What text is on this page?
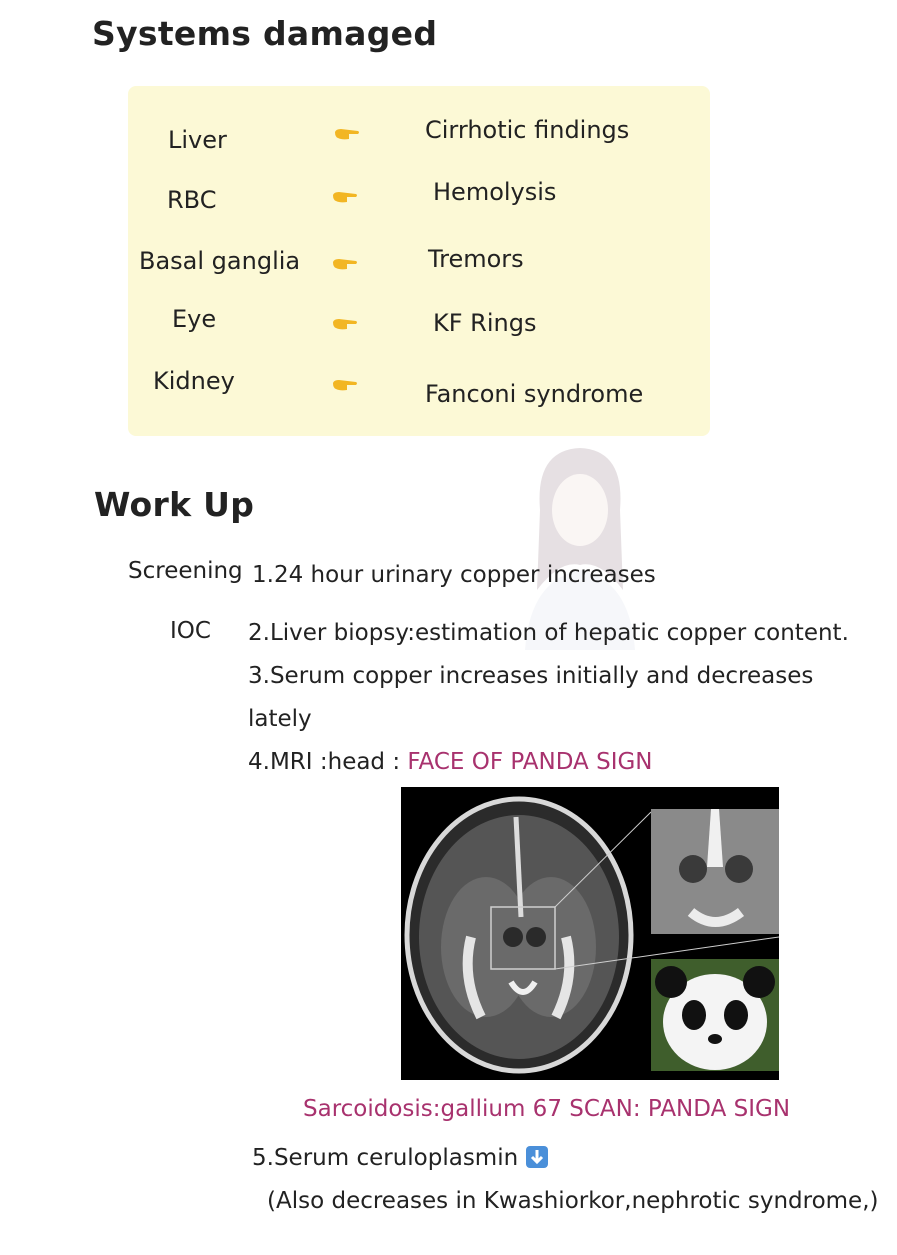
Systems damaged
Liver	Cirrhotic findings
RBC	Hemolysis
Basal ganglia	Tremors
Eye	KF Rings
Kidney	Fanconi syndrome
Work Up
Screening 1.24 hour urinary copper increases
IOC 2.Liver biopsy:estimation of hepatic copper content.
3.Serum copper increases initially and decreases
lately
4.MRI :head : FACE OF PANDA SIGN
Sarcoidosis:gallium 67 SCAN: PANDA SIGN
5.Serum ceruloplasmin
(Also decreases in Kwashiorkor,nephrotic syndrome,)
